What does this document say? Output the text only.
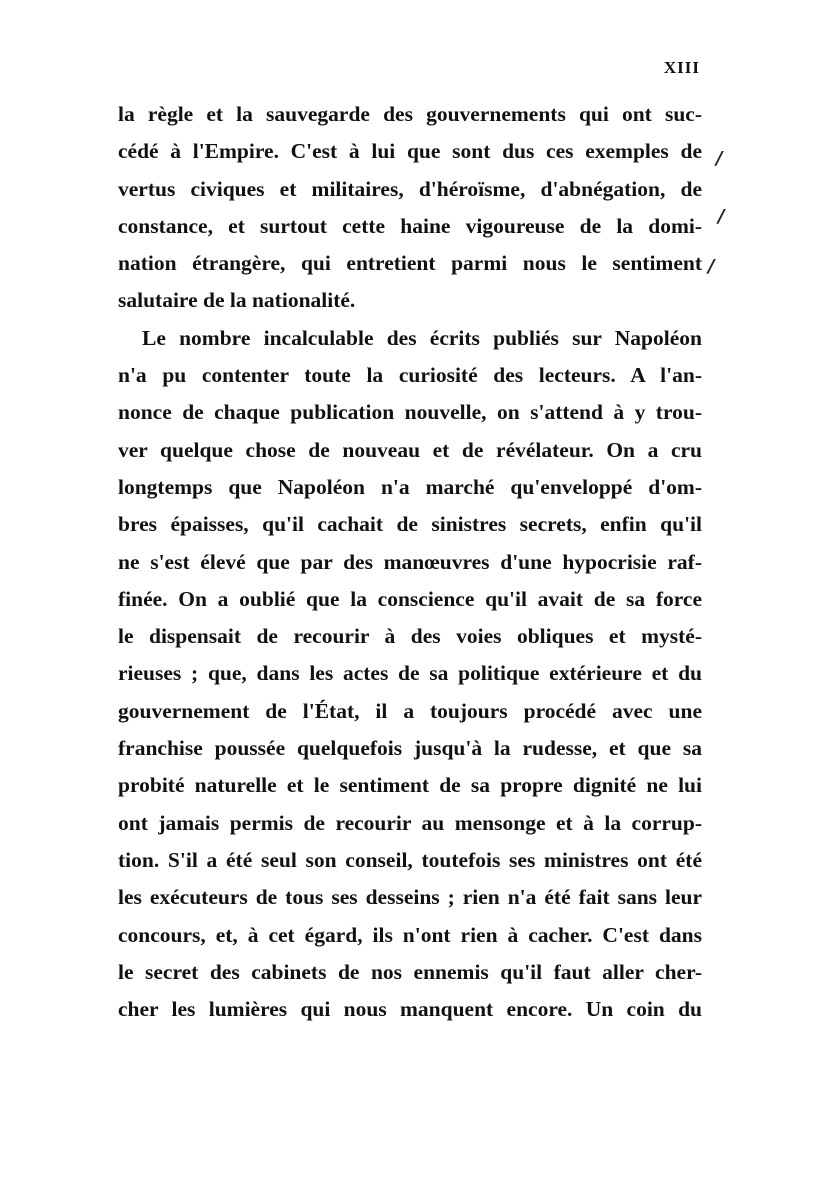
XIII
/
/
/
la règle et la sauvegarde des gouvernements qui ont suc-
cédé à l'Empire. C'est à lui que sont dus ces exemples de
vertus civiques et militaires, d'héroïsme, d'abnégation, de
constance, et surtout cette haine vigoureuse de la domi-
nation étrangère, qui entretient parmi nous le sentiment
salutaire de la nationalité.
Le nombre incalculable des écrits publiés sur Napoléon
n'a pu contenter toute la curiosité des lecteurs. A l'an-
nonce de chaque publication nouvelle, on s'attend à y trou-
ver quelque chose de nouveau et de révélateur. On a cru
longtemps que Napoléon n'a marché qu'enveloppé d'om-
bres épaisses, qu'il cachait de sinistres secrets, enfin qu'il
ne s'est élevé que par des manœuvres d'une hypocrisie raf-
finée. On a oublié que la conscience qu'il avait de sa force
le dispensait de recourir à des voies obliques et mysté-
rieuses ; que, dans les actes de sa politique extérieure et du
gouvernement de l'État, il a toujours procédé avec une
franchise poussée quelquefois jusqu'à la rudesse, et que sa
probité naturelle et le sentiment de sa propre dignité ne lui
ont jamais permis de recourir au mensonge et à la corrup-
tion. S'il a été seul son conseil, toutefois ses ministres ont été
les exécuteurs de tous ses desseins ; rien n'a été fait sans leur
concours, et, à cet égard, ils n'ont rien à cacher. C'est dans
le secret des cabinets de nos ennemis qu'il faut aller cher-
cher les lumières qui nous manquent encore. Un coin du
